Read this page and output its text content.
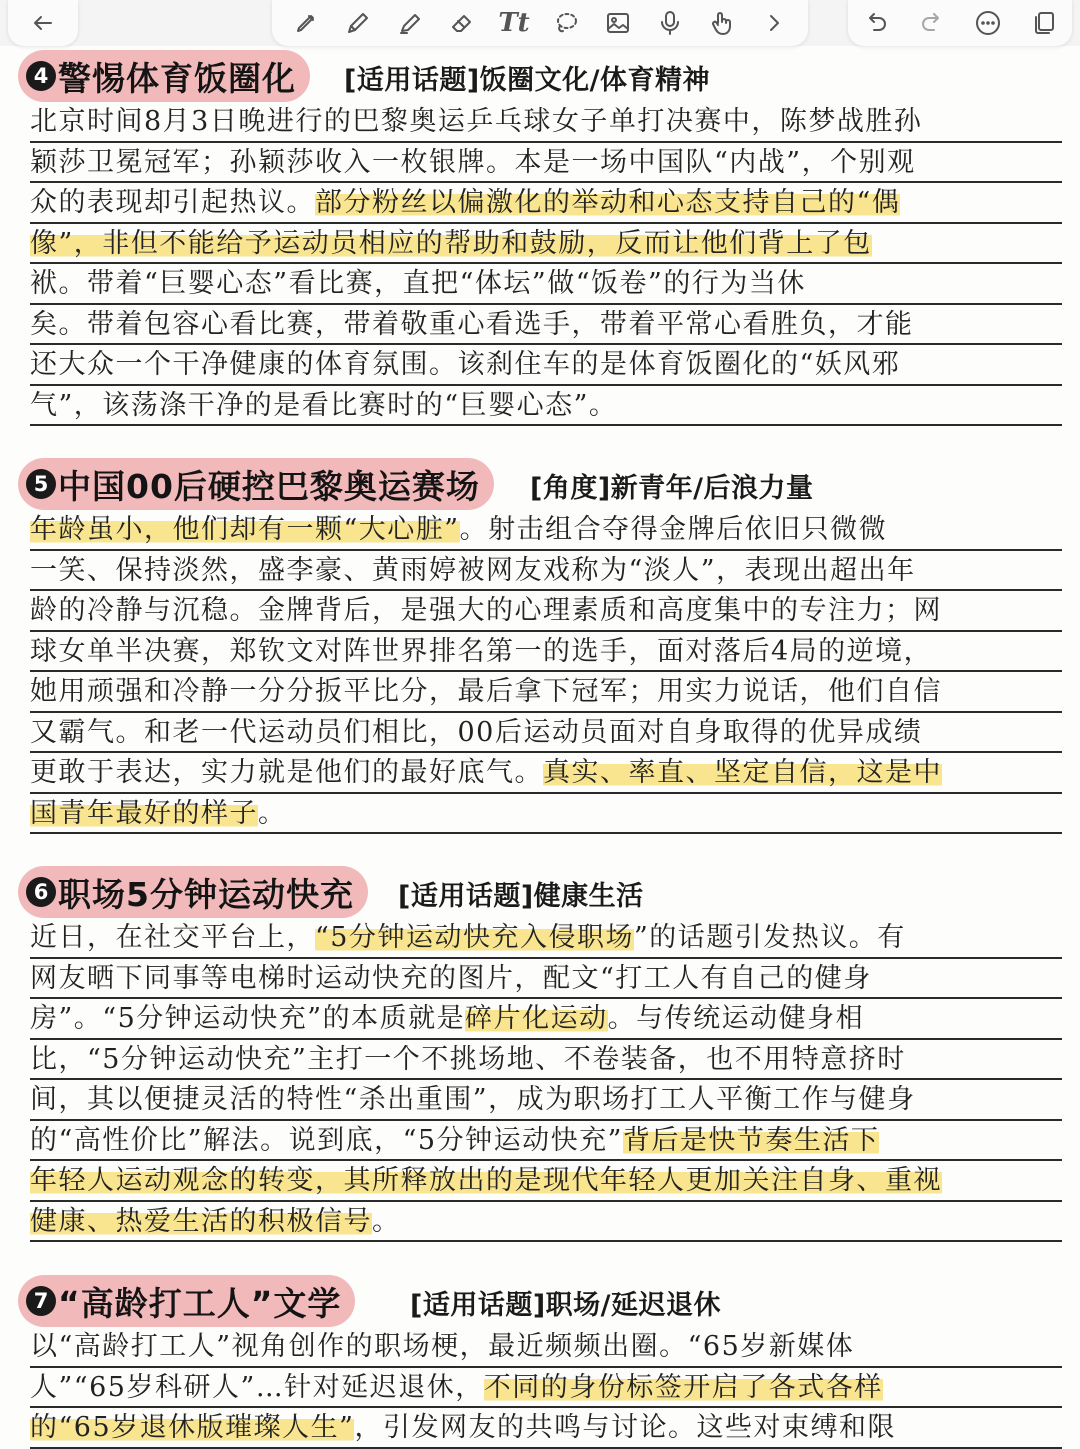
Tt
4 警惕体育饭圈化 [适用话题]饭圈文化/体育精神
北京时间8月3日晚进行的巴黎奥运乒乓球女子单打决赛中，陈梦战胜孙
颖莎卫冕冠军；孙颖莎收入一枚银牌。本是一场中国队“内战”，个别观
众的表现却引起热议。部分粉丝以偏激化的举动和心态支持自己的“偶
像”，非但不能给予运动员相应的帮助和鼓励，反而让他们背上了包
袱。带着“巨婴心态”看比赛，直把“体坛”做“饭卷”的行为当休
矣。带着包容心看比赛，带着敬重心看选手，带着平常心看胜负，才能
还大众一个干净健康的体育氛围。该刹住车的是体育饭圈化的“妖风邪
气”，该荡涤干净的是看比赛时的“巨婴心态”。
5 中国00后硬控巴黎奥运赛场 [角度]新青年/后浪力量
年龄虽小，他们却有一颗“大心脏”。射击组合夺得金牌后依旧只微微
一笑、保持淡然，盛李豪、黄雨婷被网友戏称为“淡人”，表现出超出年
龄的冷静与沉稳。金牌背后，是强大的心理素质和高度集中的专注力；网
球女单半决赛，郑钦文对阵世界排名第一的选手，面对落后4局的逆境，
她用顽强和冷静一分分扳平比分，最后拿下冠军；用实力说话，他们自信
又霸气。和老一代运动员们相比，00后运动员面对自身取得的优异成绩
更敢于表达，实力就是他们的最好底气。真实、率直、坚定自信，这是中
国青年最好的样子。
6 职场5分钟运动快充 [适用话题]健康生活
近日，在社交平台上，“5分钟运动快充入侵职场”的话题引发热议。有
网友晒下同事等电梯时运动快充的图片，配文“打工人有自己的健身
房”。“5分钟运动快充”的本质就是碎片化运动。与传统运动健身相
比，“5分钟运动快充”主打一个不挑场地、不卷装备，也不用特意挤时
间，其以便捷灵活的特性“杀出重围”，成为职场打工人平衡工作与健身
的“高性价比”解法。说到底，“5分钟运动快充”背后是快节奏生活下
年轻人运动观念的转变，其所释放出的是现代年轻人更加关注自身、重视
健康、热爱生活的积极信号。
7 “高龄打工人”文学	[适用话题]职场/延迟退休
以“高龄打工人”视角创作的职场梗，最近频频出圈。“65岁新媒体
人”“65岁科研人”…针对延迟退休，不同的身份标签开启了各式各样
的“65岁退休版璀璨人生”，引发网友的共鸣与讨论。这些对束缚和限
